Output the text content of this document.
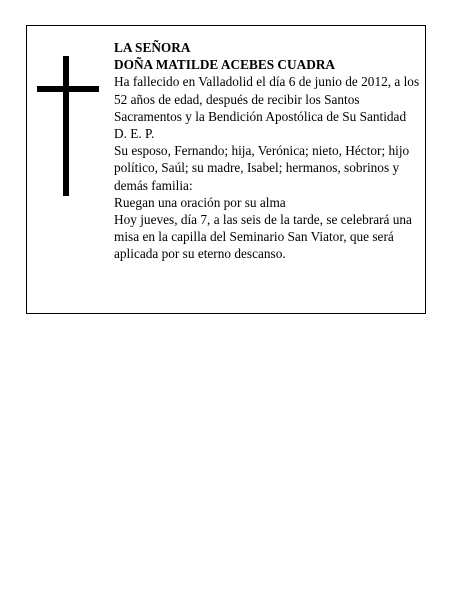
LA SEÑORA

DOÑA MATILDE ACEBES CUADRA

Ha fallecido en Valladolid el día 6 de junio de 2012, a los 52 años de edad, después de recibir los Santos Sacramentos y la Bendición Apostólica de Su Santidad D. E. P.

Su esposo, Fernando; hija, Verónica; nieto, Héctor; hijo político, Saúl; su madre, Isabel; hermanos, sobrinos y demás familia:

Ruegan una oración por su alma

Hoy jueves, día 7, a las seis de la tarde, se celebrará una misa en la capilla del Seminario San Viator, que será aplicada por su eterno descanso.
